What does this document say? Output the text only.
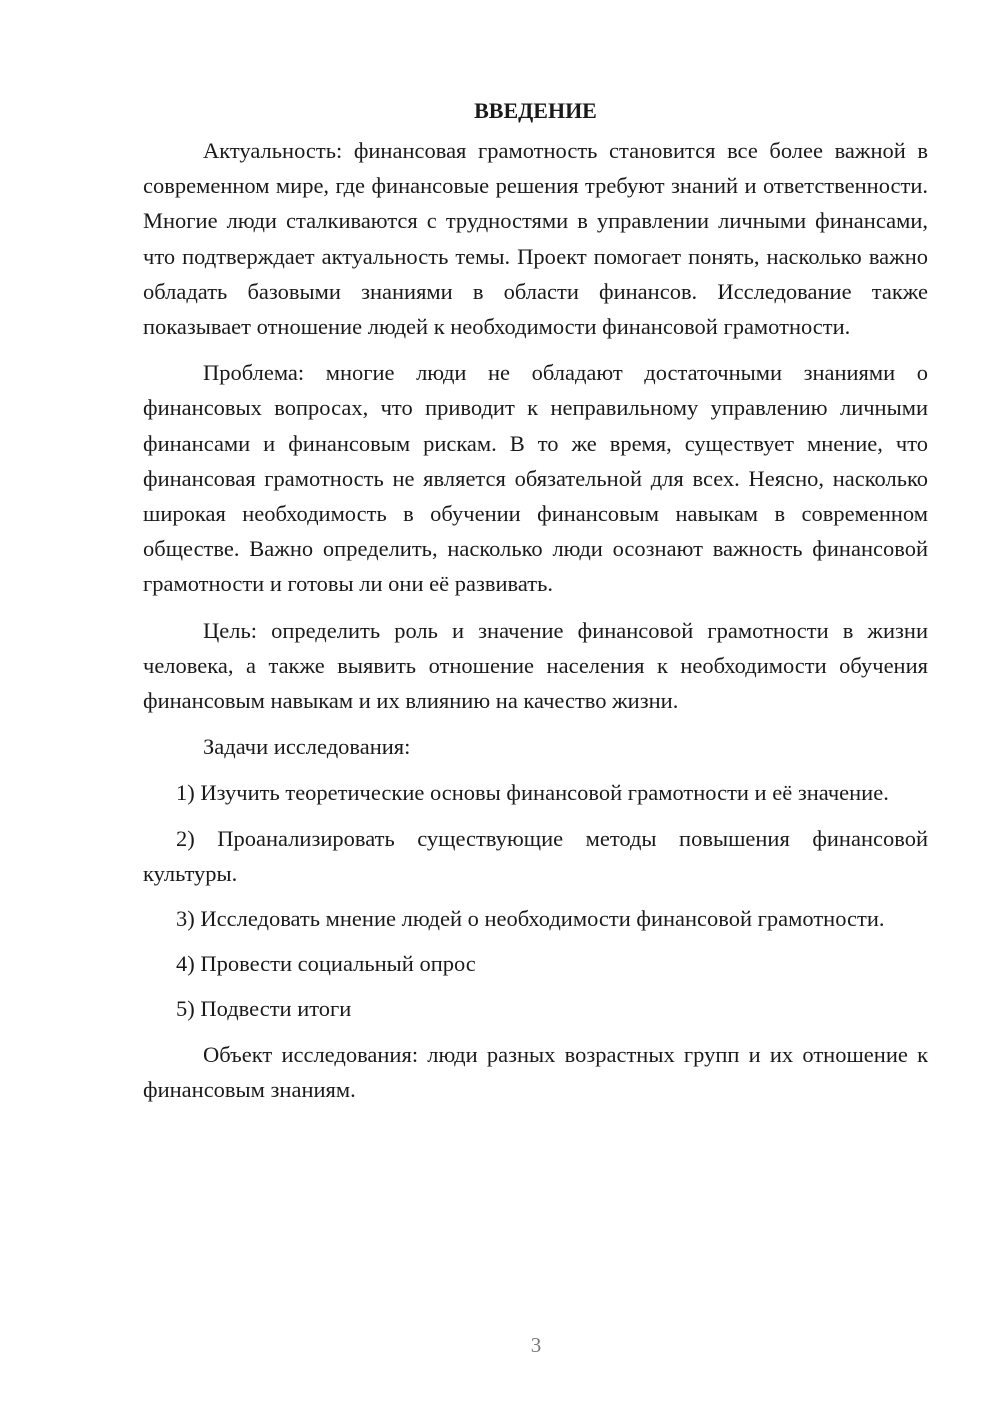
ВВЕДЕНИЕ

Актуальность: финансовая грамотность становится все более важной в современном мире, где финансовые решения требуют знаний и ответственности. Многие люди сталкиваются с трудностями в управлении личными финансами, что подтверждает актуальность темы. Проект помогает понять, насколько важно обладать базовыми знаниями в области финансов. Исследование также показывает отношение людей к необходимости финансовой грамотности.

Проблема: многие люди не обладают достаточными знаниями о финансовых вопросах, что приводит к неправильному управлению личными финансами и финансовым рискам. В то же время, существует мнение, что финансовая грамотность не является обязательной для всех. Неясно, насколько широкая необходимость в обучении финансовым навыкам в современном обществе. Важно определить, насколько люди осознают важность финансовой грамотности и готовы ли они её развивать.

Цель: определить роль и значение финансовой грамотности в жизни человека, а также выявить отношение населения к необходимости обучения финансовым навыкам и их влиянию на качество жизни.

Задачи исследования:

1) Изучить теоретические основы финансовой грамотности и её значение.

2) Проанализировать существующие методы повышения финансовой культуры.

3) Исследовать мнение людей о необходимости финансовой грамотности.

4) Провести социальный опрос

5) Подвести итоги

Объект исследования: люди разных возрастных групп и их отношение к финансовым знаниям.

3
